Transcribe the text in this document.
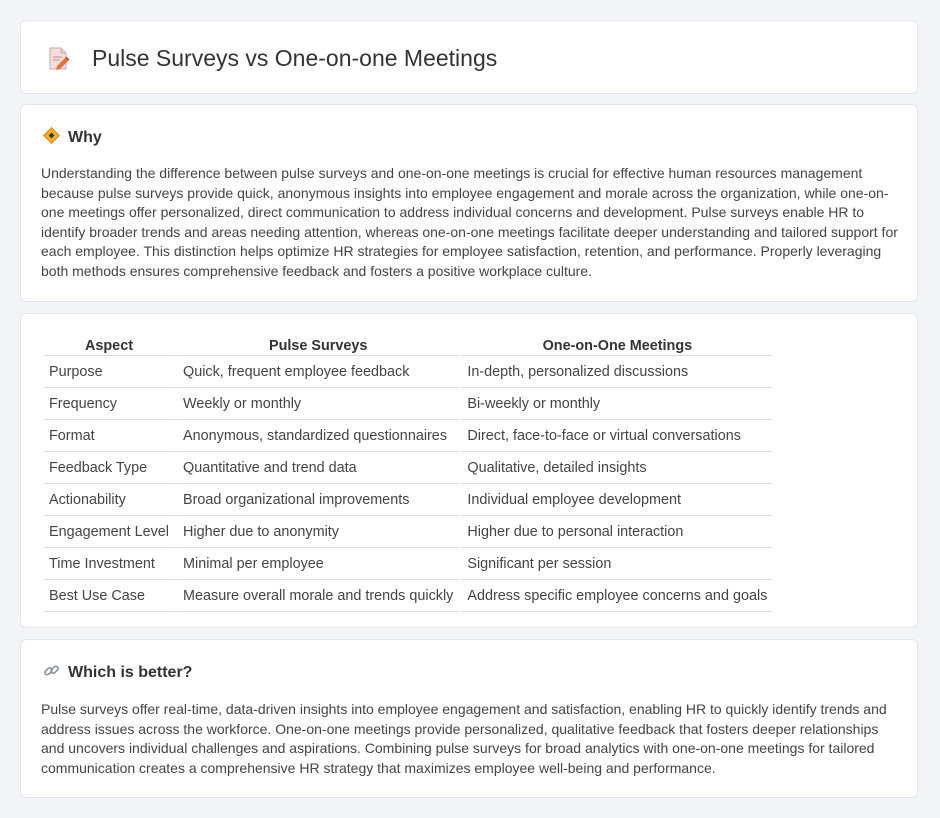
Pulse Surveys vs One-on-one Meetings
Why

Understanding the difference between pulse surveys and one-on-one meetings is crucial for effective human resources management because pulse surveys provide quick, anonymous insights into employee engagement and morale across the organization, while one-on-one meetings offer personalized, direct communication to address individual concerns and development. Pulse surveys enable HR to identify broader trends and areas needing attention, whereas one-on-one meetings facilitate deeper understanding and tailored support for each employee. This distinction helps optimize HR strategies for employee satisfaction, retention, and performance. Properly leveraging both methods ensures comprehensive feedback and fosters a positive workplace culture.

Aspect	Pulse Surveys	One-on-One Meetings
Purpose	Quick, frequent employee feedback	In-depth, personalized discussions
Frequency	Weekly or monthly	Bi-weekly or monthly
Format	Anonymous, standardized questionnaires	Direct, face-to-face or virtual conversations
Feedback Type	Quantitative and trend data	Qualitative, detailed insights
Actionability	Broad organizational improvements	Individual employee development
Engagement Level	Higher due to anonymity	Higher due to personal interaction
Time Investment	Minimal per employee	Significant per session
Best Use Case	Measure overall morale and trends quickly	Address specific employee concerns and goals
Which is better?

Pulse surveys offer real-time, data-driven insights into employee engagement and satisfaction, enabling HR to quickly identify trends and address issues across the workforce. One-on-one meetings provide personalized, qualitative feedback that fosters deeper relationships and uncovers individual challenges and aspirations. Combining pulse surveys for broad analytics with one-on-one meetings for tailored communication creates a comprehensive HR strategy that maximizes employee well-being and performance.
